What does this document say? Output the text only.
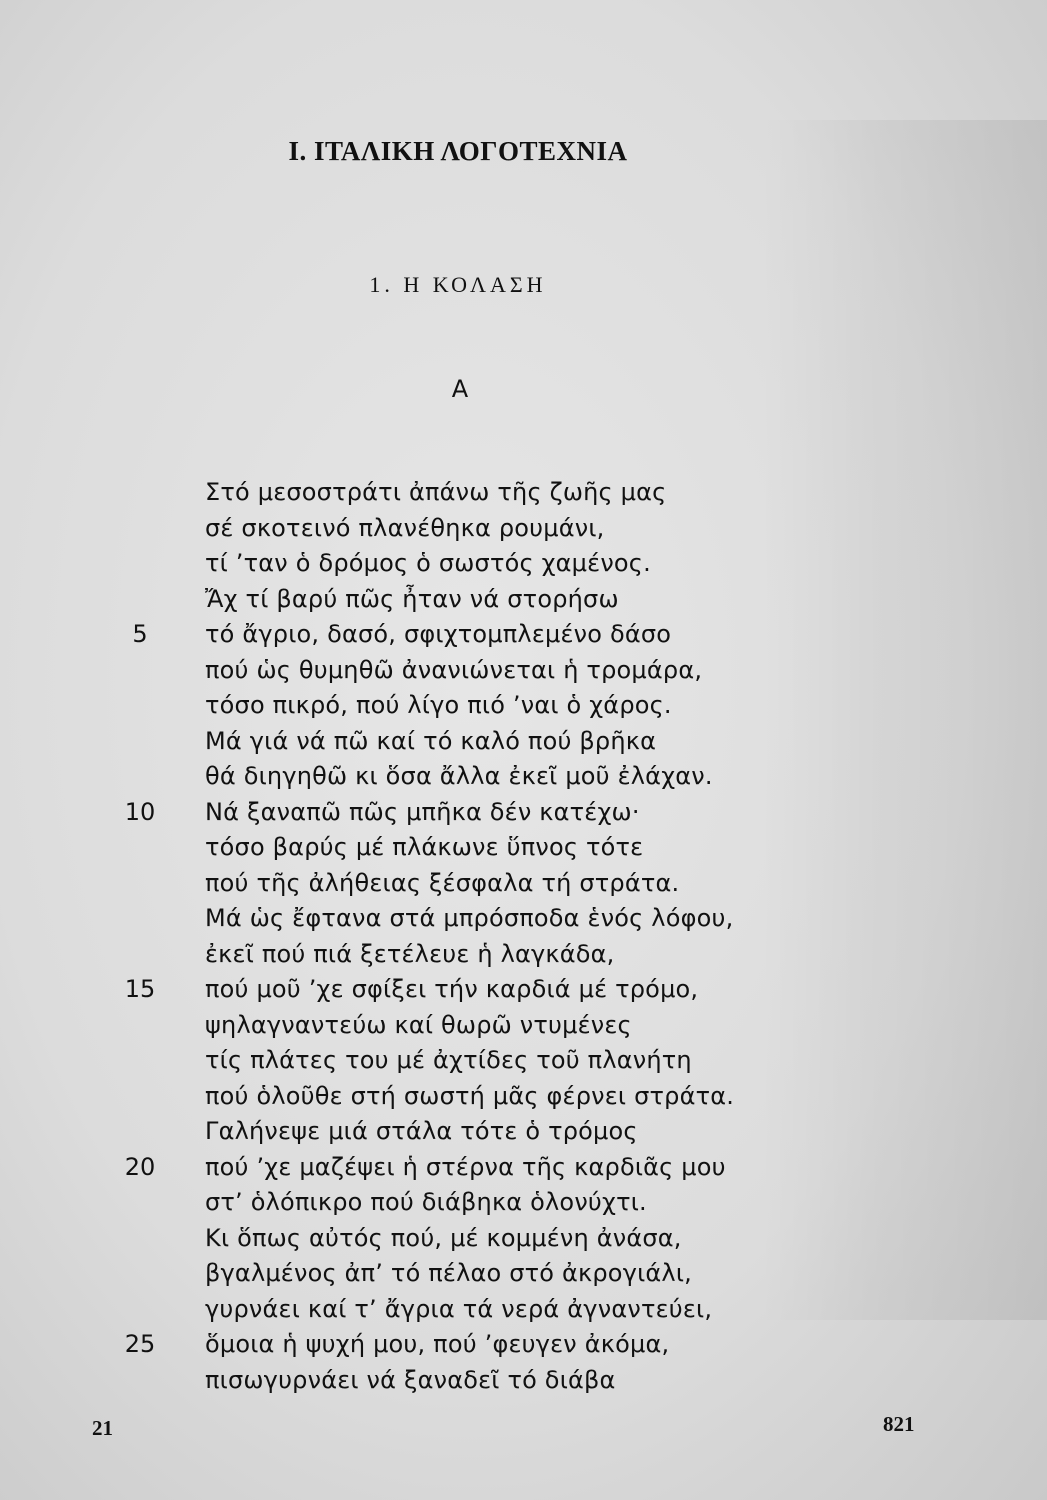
I. ΙΤΑΛΙΚΗ ΛΟΓΟΤΕΧΝΙΑ
1. Η ΚΟΛΑΣΗ
Α
Στό μεσοστράτι ἀπάνω τῆς ζωῆς μας
σέ σκοτεινό πλανέθηκα ρουμάνι,
τί ’ταν ὁ δρόμος ὁ σωστός χαμένος.
Ἄχ τί βαρύ πῶς ἦταν νά στορήσω
5	τό ἄγριο, δασό, σφιχτομπλεμένο δάσο
πού ὡς θυμηθῶ ἀνανιώνεται ἡ τρομάρα,
τόσο πικρό, πού λίγο πιό ’ναι ὁ χάρος.
Μά γιά νά πῶ καί τό καλό πού βρῆκα
θά διηγηθῶ κι ὅσα ἄλλα ἐκεῖ μοῦ ἐλάχαν.
10 Νά ξαναπῶ πῶς μπῆκα δέν κατέχω·
τόσο βαρύς μέ πλάκωνε ὕπνος τότε
πού τῆς ἀλήθειας ξέσφαλα τή στράτα.
Μά ὡς ἔφτανα στά μπρόσποδα ἑνός λόφου,
ἐκεῖ πού πιά ξετέλευε ἡ λαγκάδα,
15 πού μοῦ ’χε σφίξει τήν καρδιά μέ τρόμο,
ψηλαγναντεύω καί θωρῶ ντυμένες
τίς πλάτες του μέ ἀχτίδες τοῦ πλανήτη
πού ὁλοῦθε στή σωστή μᾶς φέρνει στράτα.
Γαλήνεψε μιά στάλα τότε ὁ τρόμος
20 πού ’χε μαζέψει ἡ στέρνα τῆς καρδιᾶς μου
στ’ ὁλόπικρο πού διάβηκα ὁλονύχτι.
Κι ὅπως αὐτός πού, μέ κομμένη ἀνάσα,
βγαλμένος ἀπ’ τό πέλαο στό ἀκρογιάλι,
γυρνάει καί τ’ ἄγρια τά νερά ἀγναντεύει,
25 ὅμοια ἡ ψυχή μου, πού ’φευγεν ἀκόμα,
πισωγυρνάει νά ξαναδεῖ τό διάβα
21	821
